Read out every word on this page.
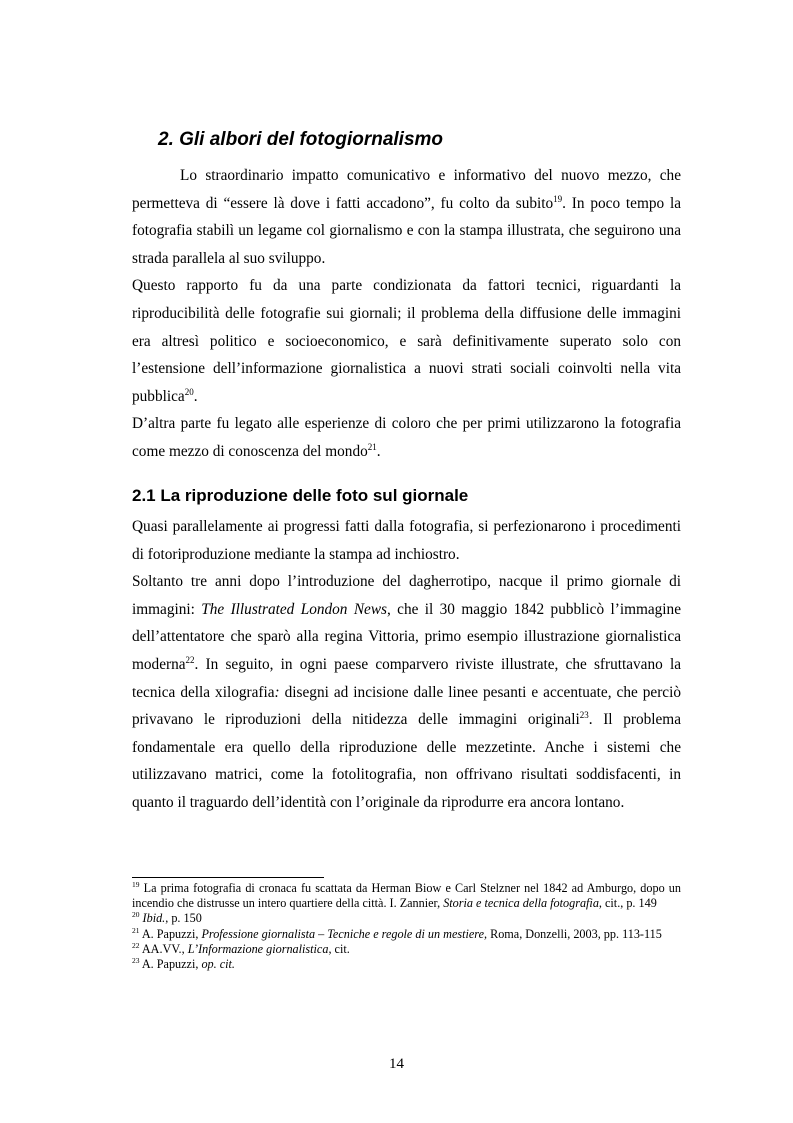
2. Gli albori del fotogiornalismo

Lo straordinario impatto comunicativo e informativo del nuovo mezzo, che permetteva di “essere là dove i fatti accadono”, fu colto da subito$^{19}$. In poco tempo la fotografia stabilì un legame col giornalismo e con la stampa illustrata, che seguirono una strada parallela al suo sviluppo.

Questo rapporto fu da una parte condizionata da fattori tecnici, riguardanti la riproducibilità delle fotografie sui giornali; il problema della diffusione delle immagini era altresì politico e socioeconomico, e sarà definitivamente superato solo con l’estensione dell’informazione giornalistica a nuovi strati sociali coinvolti nella vita pubblica$^{20}$.

D’altra parte fu legato alle esperienze di coloro che per primi utilizzarono la fotografia come mezzo di conoscenza del mondo$^{21}$.

2.1 La riproduzione delle foto sul giornale

Quasi parallelamente ai progressi fatti dalla fotografia, si perfezionarono i procedimenti di fotoriproduzione mediante la stampa ad inchiostro.

Soltanto tre anni dopo l’introduzione del dagherrotipo, nacque il primo giornale di immagini: The Illustrated London News, che il 30 maggio 1842 pubblicò l’immagine dell’attentatore che sparò alla regina Vittoria, primo esempio illustrazione giornalistica moderna$^{22}$. In seguito, in ogni paese comparvero riviste illustrate, che sfruttavano la tecnica della xilografia: disegni ad incisione dalle linee pesanti e accentuate, che perciò privavano le riproduzioni della nitidezza delle immagini originali$^{23}$. Il problema fondamentale era quello della riproduzione delle mezzetinte. Anche i sistemi che utilizzavano matrici, come la fotolitografia, non offrivano risultati soddisfacenti, in quanto il traguardo dell’identità con l’originale da riprodurre era ancora lontano.

$^{19}$ La prima fotografia di cronaca fu scattata da Herman Biow e Carl Stelzner nel 1842 ad Amburgo, dopo un incendio che distrusse un intero quartiere della città. I. Zannier, Storia e tecnica della fotografia, cit., p. 149

$^{20}$ Ibid., p. 150

$^{21}$ A. Papuzzi, Professione giornalista – Tecniche e regole di un mestiere, Roma, Donzelli, 2003, pp. 113-115

$^{22}$ AA.VV., L’Informazione giornalistica, cit.

$^{23}$ A. Papuzzi, op. cit.

14
